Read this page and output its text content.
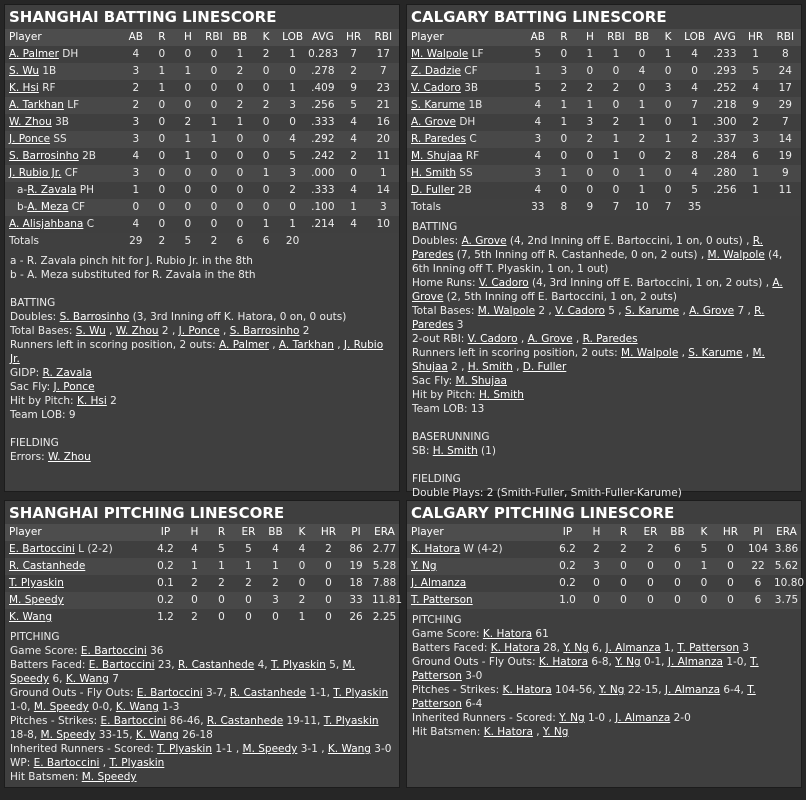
SHANGHAI BATTING LINESCORE
Player	AB	R	H	RBI	BB	K	LOB	AVG	HR	RBI
A. Palmer DH	4	0	0	0	1	2	1	0.283	7	17
S. Wu 1B	3	1	1	0	2	0	0	.278	2	7
K. Hsi RF	2	1	0	0	0	0	1	.409	9	23
A. Tarkhan LF	2	0	0	0	2	2	3	.256	5	21
W. Zhou 3B	3	0	2	1	1	0	0	.333	4	16
J. Ponce SS	3	0	1	1	0	0	4	.292	4	20
S. Barrosinho 2B	4	0	1	0	0	0	5	.242	2	11
J. Rubio Jr. CF	3	0	0	0	0	1	3	.000	0	1
a-R. Zavala PH	1	0	0	0	0	0	2	.333	4	14
b-A. Meza CF	0	0	0	0	0	0	0	.100	1	3
A. Alisjahbana C	4	0	0	0	0	1	1	.214	4	10
Totals	29	2	5	2	6	6	20			

a - R. Zavala pinch hit for J. Rubio Jr. in the 8th

b - A. Meza substituted for R. Zavala in the 8th

BATTING

Doubles: S. Barrosinho (3, 3rd Inning off K. Hatora, 0 on, 0 outs)

Total Bases: S. Wu , W. Zhou 2 , J. Ponce , S. Barrosinho 2

Runners left in scoring position, 2 outs: A. Palmer , A. Tarkhan , J. Rubio Jr.

GIDP: R. Zavala

Sac Fly: J. Ponce

Hit by Pitch: K. Hsi 2

Team LOB: 9

FIELDING

Errors: W. Zhou

CALGARY BATTING LINESCORE
Player	AB	R	H	RBI	BB	K	LOB	AVG	HR	RBI
M. Walpole LF	5	0	1	1	0	1	4	.233	1	8
Z. Dadzie CF	1	3	0	0	4	0	0	.293	5	24
V. Cadoro 3B	5	2	2	2	0	3	4	.252	4	17
S. Karume 1B	4	1	1	0	1	0	7	.218	9	29
A. Grove DH	4	1	3	2	1	0	1	.300	2	7
R. Paredes C	3	0	2	1	2	1	2	.337	3	14
M. Shujaa RF	4	0	0	1	0	2	8	.284	6	19
H. Smith SS	3	1	0	0	1	0	4	.280	1	9
D. Fuller 2B	4	0	0	0	1	0	5	.256	1	11
Totals	33	8	9	7	10	7	35			

BATTING

Doubles: A. Grove (4, 2nd Inning off E. Bartoccini, 1 on, 0 outs) , R. Paredes (7, 5th Inning off R. Castanhede, 0 on, 2 outs) , M. Walpole (4, 6th Inning off T. Plyaskin, 1 on, 1 out)

Home Runs: V. Cadoro (4, 3rd Inning off E. Bartoccini, 1 on, 2 outs) , A. Grove (2, 5th Inning off E. Bartoccini, 1 on, 2 outs)

Total Bases: M. Walpole 2 , V. Cadoro 5 , S. Karume , A. Grove 7 , R. Paredes 3

2-out RBI: V. Cadoro , A. Grove , R. Paredes

Runners left in scoring position, 2 outs: M. Walpole , S. Karume , M. Shujaa 2 , H. Smith , D. Fuller

Sac Fly: M. Shujaa

Hit by Pitch: H. Smith

Team LOB: 13

BASERUNNING

SB: H. Smith (1)

FIELDING

Double Plays: 2 (Smith-Fuller, Smith-Fuller-Karume)

SHANGHAI PITCHING LINESCORE
Player	IP	H	R	ER	BB	K	HR	PI	ERA
E. Bartoccini L (2-2)	4.2	4	5	5	4	4	2	86	2.77
R. Castanhede	0.2	1	1	1	1	0	0	19	5.28
T. Plyaskin	0.1	2	2	2	2	0	0	18	7.88
M. Speedy	0.2	0	0	0	3	2	0	33	11.81
K. Wang	1.2	2	0	0	0	1	0	26	2.25

PITCHING

Game Score: E. Bartoccini 36

Batters Faced: E. Bartoccini 23, R. Castanhede 4, T. Plyaskin 5, M. Speedy 6, K. Wang 7

Ground Outs - Fly Outs: E. Bartoccini 3-7, R. Castanhede 1-1, T. Plyaskin 1-0, M. Speedy 0-0, K. Wang 1-3

Pitches - Strikes: E. Bartoccini 86-46, R. Castanhede 19-11, T. Plyaskin 18-8, M. Speedy 33-15, K. Wang 26-18

Inherited Runners - Scored: T. Plyaskin 1-1 , M. Speedy 3-1 , K. Wang 3-0

WP: E. Bartoccini , T. Plyaskin

Hit Batsmen: M. Speedy

CALGARY PITCHING LINESCORE
Player	IP	H	R	ER	BB	K	HR	PI	ERA
K. Hatora W (4-2)	6.2	2	2	2	6	5	0	104	3.86
Y. Ng	0.2	3	0	0	0	1	0	22	5.62
J. Almanza	0.2	0	0	0	0	0	0	6	10.80
T. Patterson	1.0	0	0	0	0	0	0	6	3.75

PITCHING

Game Score: K. Hatora 61

Batters Faced: K. Hatora 28, Y. Ng 6, J. Almanza 1, T. Patterson 3

Ground Outs - Fly Outs: K. Hatora 6-8, Y. Ng 0-1, J. Almanza 1-0, T. Patterson 3-0

Pitches - Strikes: K. Hatora 104-56, Y. Ng 22-15, J. Almanza 6-4, T. Patterson 6-4

Inherited Runners - Scored: Y. Ng 1-0 , J. Almanza 2-0

Hit Batsmen: K. Hatora , Y. Ng
